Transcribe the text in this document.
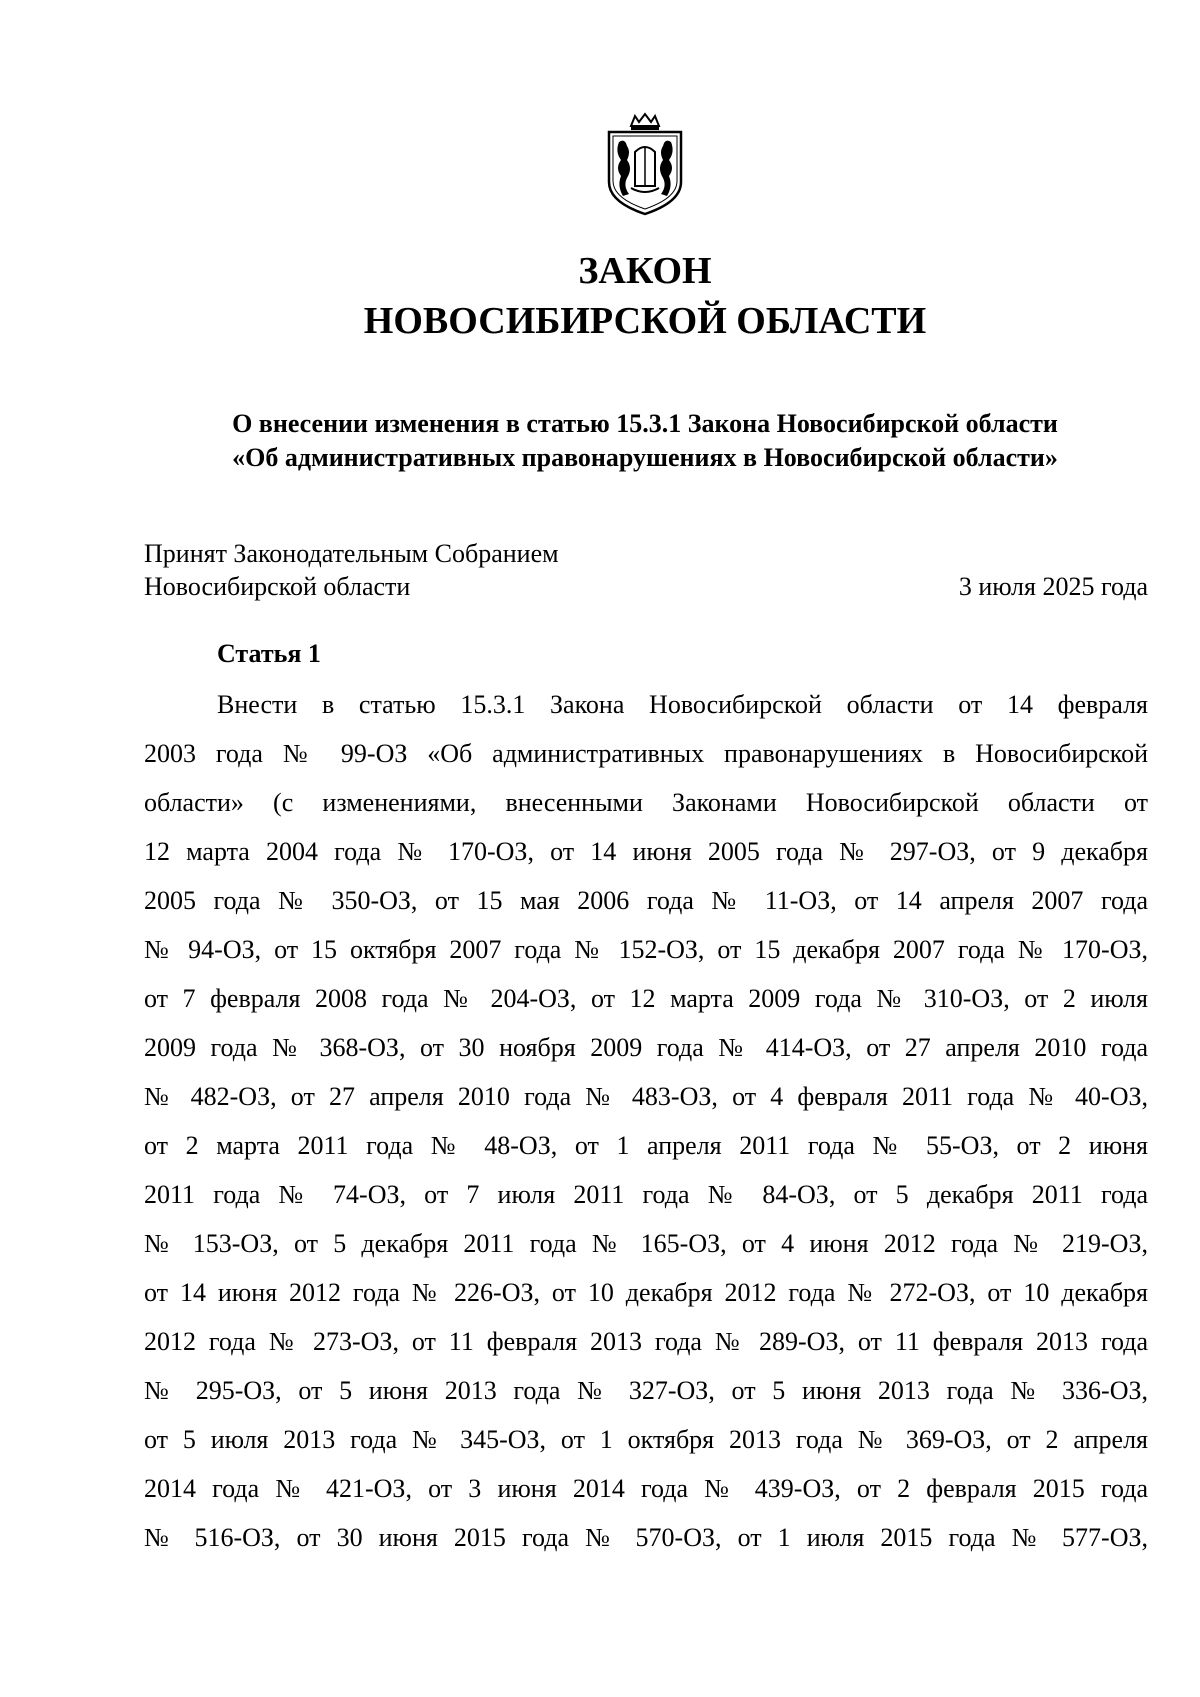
ЗАКОН
НОВОСИБИРСКОЙ ОБЛАСТИ
О внесении изменения в статью 15.3.1 Закона Новосибирской области
«Об административных правонарушениях в Новосибирской области»
Принят Законодательным Собранием
Новосибирской области	3 июля 2025 года
Статья 1
Внести в статью 15.3.1 Закона Новосибирской области от 14 февраля
2003 года № 99-ОЗ «Об административных правонарушениях в Новосибирской
области» (с изменениями, внесенными Законами Новосибирской области от
12 марта 2004 года № 170-ОЗ, от 14 июня 2005 года № 297-ОЗ, от 9 декабря
2005 года № 350-ОЗ, от 15 мая 2006 года № 11-ОЗ, от 14 апреля 2007 года
№ 94-ОЗ, от 15 октября 2007 года № 152-ОЗ, от 15 декабря 2007 года № 170-ОЗ,
от 7 февраля 2008 года № 204-ОЗ, от 12 марта 2009 года № 310-ОЗ, от 2 июля
2009 года № 368-ОЗ, от 30 ноября 2009 года № 414-ОЗ, от 27 апреля 2010 года
№ 482-ОЗ, от 27 апреля 2010 года № 483-ОЗ, от 4 февраля 2011 года № 40-ОЗ,
от 2 марта 2011 года № 48-ОЗ, от 1 апреля 2011 года № 55-ОЗ, от 2 июня
2011 года № 74-ОЗ, от 7 июля 2011 года № 84-ОЗ, от 5 декабря 2011 года
№ 153-ОЗ, от 5 декабря 2011 года № 165-ОЗ, от 4 июня 2012 года № 219-ОЗ,
от 14 июня 2012 года № 226-ОЗ, от 10 декабря 2012 года № 272-ОЗ, от 10 декабря
2012 года № 273-ОЗ, от 11 февраля 2013 года № 289-ОЗ, от 11 февраля 2013 года
№ 295-ОЗ, от 5 июня 2013 года № 327-ОЗ, от 5 июня 2013 года № 336-ОЗ,
от 5 июля 2013 года № 345-ОЗ, от 1 октября 2013 года № 369-ОЗ, от 2 апреля
2014 года № 421-ОЗ, от 3 июня 2014 года № 439-ОЗ, от 2 февраля 2015 года
№ 516-ОЗ, от 30 июня 2015 года № 570-ОЗ, от 1 июля 2015 года № 577-ОЗ,
